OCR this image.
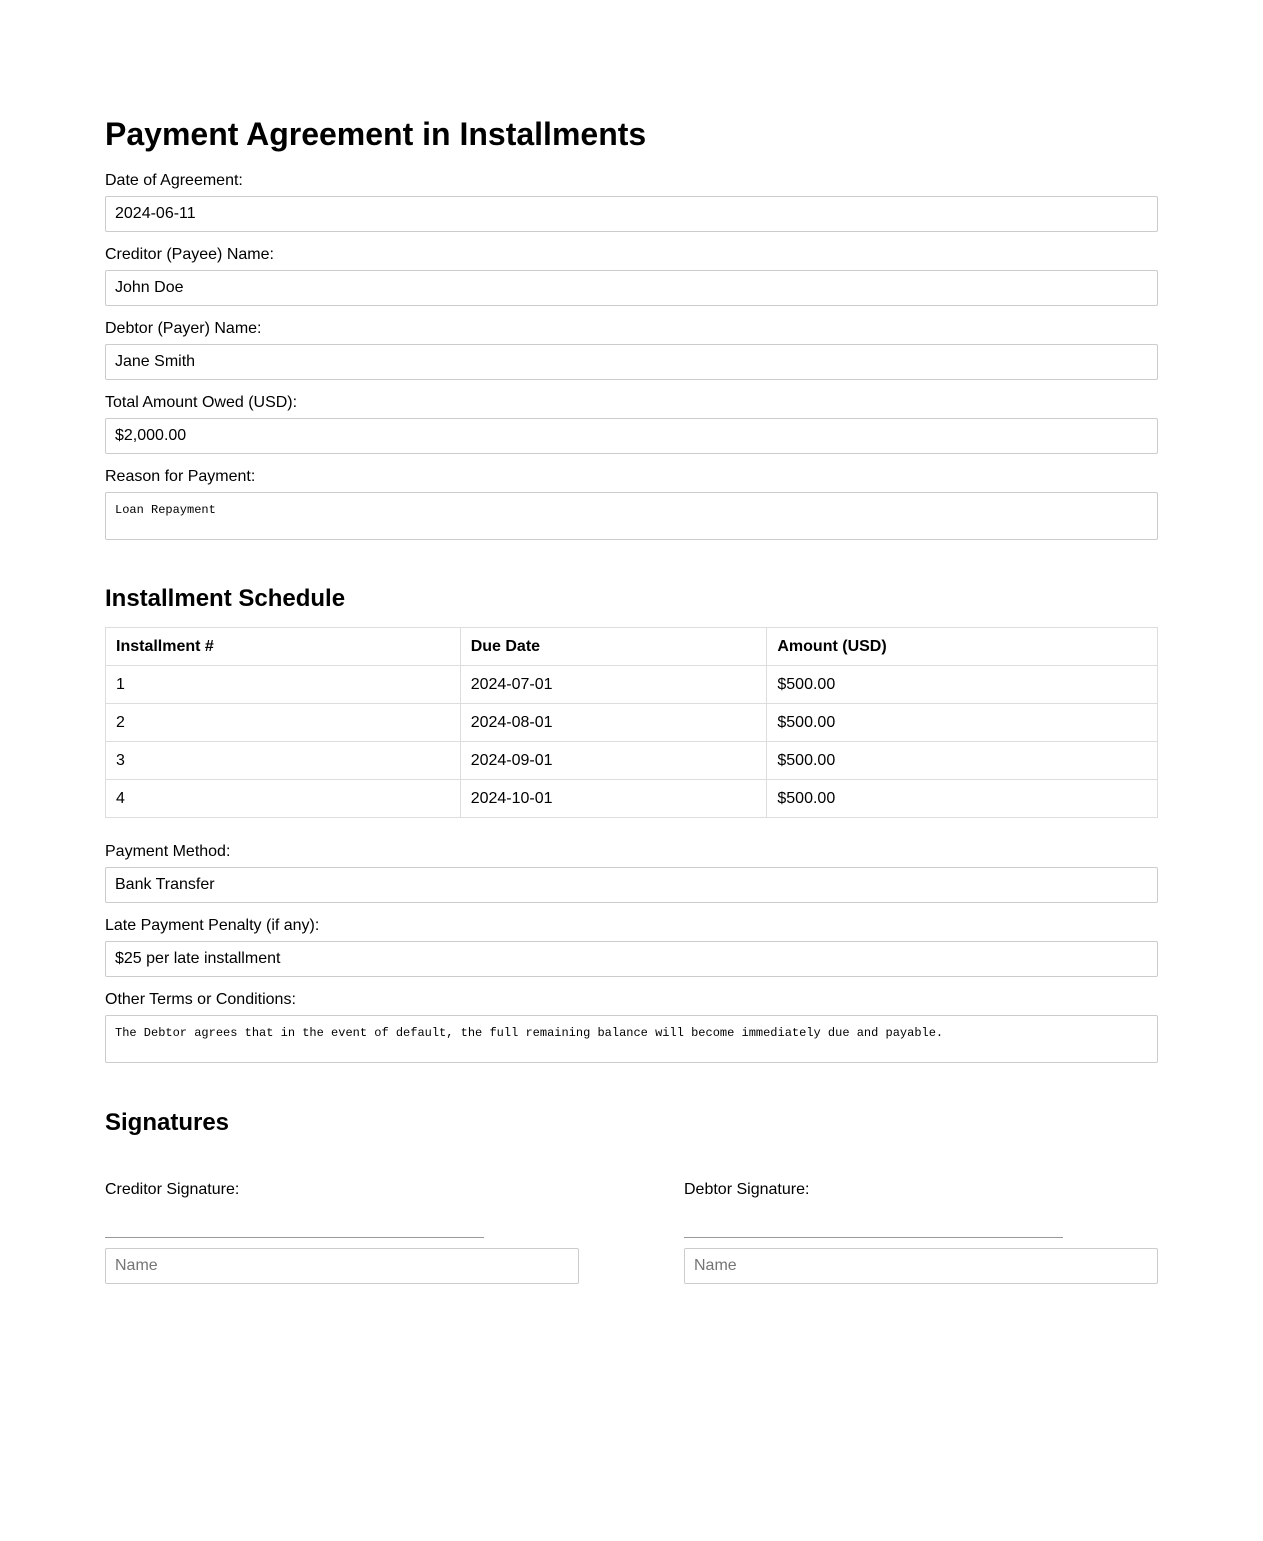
Payment Agreement in Installments
Date of Agreement:
2024-06-11
Creditor (Payee) Name:
John Doe
Debtor (Payer) Name:
Jane Smith
Total Amount Owed (USD):
$2,000.00
Reason for Payment:
Loan Repayment
Installment Schedule
Installment #	Due Date	Amount (USD)
1	2024-07-01	$500.00
2	2024-08-01	$500.00
3	2024-09-01	$500.00
4	2024-10-01	$500.00
Payment Method:
Bank Transfer
Late Payment Penalty (if any):
$25 per late installment
Other Terms or Conditions:
The Debtor agrees that in the event of default, the full remaining balance will become immediately due and payable.
Signatures
Creditor Signature:
Name
Debtor Signature:
Name
